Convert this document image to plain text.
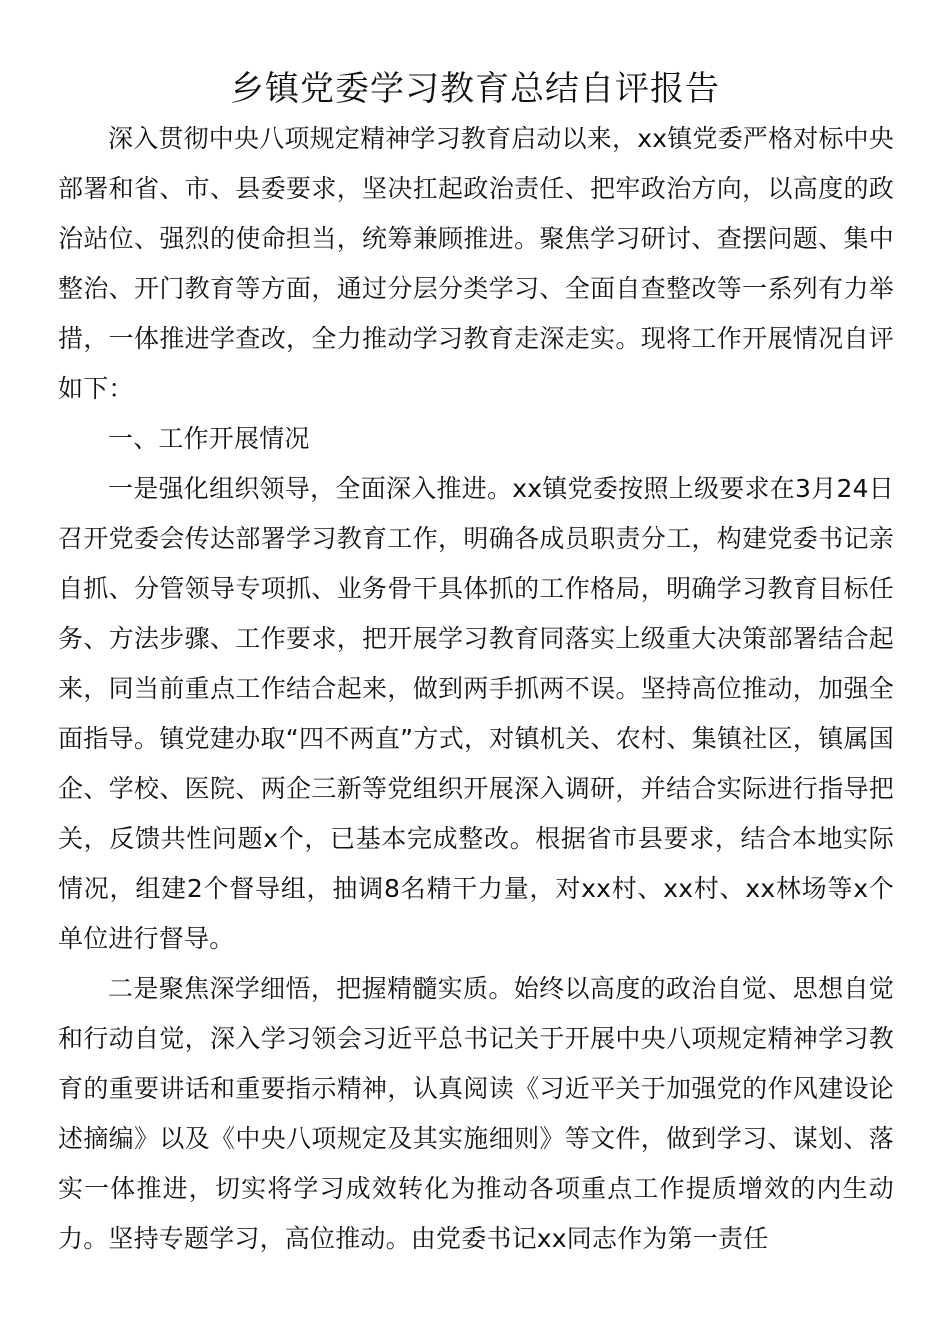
乡镇党委学习教育总结自评报告

深入贯彻中央八项规定精神学习教育启动以来，xx镇党委严格对标中央部署和省、市、县委要求，坚决扛起政治责任、把牢政治方向，以高度的政治站位、强烈的使命担当，统筹兼顾推进。聚焦学习研讨、查摆问题、集中整治、开门教育等方面，通过分层分类学习、全面自查整改等一系列有力举措，一体推进学查改，全力推动学习教育走深走实。现将工作开展情况自评如下：

一、工作开展情况

一是强化组织领导，全面深入推进。xx镇党委按照上级要求在3月24日召开党委会传达部署学习教育工作，明确各成员职责分工，构建党委书记亲自抓、分管领导专项抓、业务骨干具体抓的工作格局，明确学习教育目标任务、方法步骤、工作要求，把开展学习教育同落实上级重大决策部署结合起来，同当前重点工作结合起来，做到两手抓两不误。坚持高位推动，加强全面指导。镇党建办取“四不两直”方式，对镇机关、农村、集镇社区，镇属国企、学校、医院、两企三新等党组织开展深入调研，并结合实际进行指导把关，反馈共性问题x个，已基本完成整改。根据省市县要求，结合本地实际情况，组建2个督导组，抽调8名精干力量，对xx村、xx村、xx林场等x个单位进行督导。

二是聚焦深学细悟，把握精髓实质。始终以高度的政治自觉、思想自觉和行动自觉，深入学习领会习近平总书记关于开展中央八项规定精神学习教育的重要讲话和重要指示精神，认真阅读《习近平关于加强党的作风建设论述摘编》以及《中央八项规定及其实施细则》等文件，做到学习、谋划、落实一体推进，切实将学习成效转化为推动各项重点工作提质增效的内生动力。坚持专题学习，高位推动。由党委书记xx同志作为第一责任
